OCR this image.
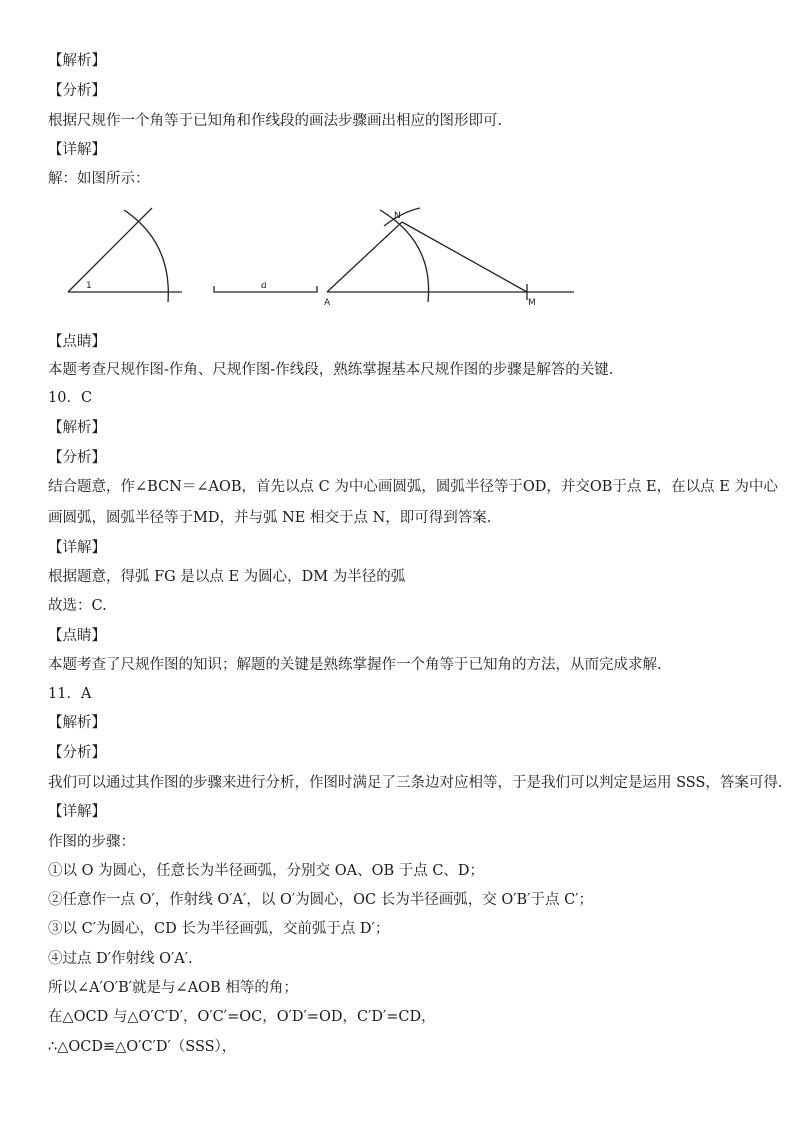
【解析】
【分析】
根据尺规作一个角等于已知角和作线段的画法步骤画出相应的图形即可.
【详解】
解：如图所示：
1	a
A	M
N
【点睛】
本题考查尺规作图-作角、尺规作图-作线段，熟练掌握基本尺规作图的步骤是解答的关键.
10．C
【解析】
【分析】
结合题意，作∠BCN＝∠AOB，首先以点 C 为中心画圆弧，圆弧半径等于OD，并交OB于点 E，在以点 E 为中心
画圆弧，圆弧半径等于MD，并与弧 NE 相交于点 N，即可得到答案.
【详解】
根据题意，得弧 FG 是以点 E 为圆心，DM 为半径的弧
故选：C.
【点睛】
本题考查了尺规作图的知识；解题的关键是熟练掌握作一个角等于已知角的方法，从而完成求解.
11．A
【解析】
【分析】
我们可以通过其作图的步骤来进行分析，作图时满足了三条边对应相等，于是我们可以判定是运用 SSS，答案可得.
【详解】
作图的步骤：
①以 O 为圆心，任意长为半径画弧，分别交 OA、OB 于点 C、D；
②任意作一点 O′，作射线 O′A′，以 O′为圆心，OC 长为半径画弧，交 O′B′于点 C′；
③以 C′为圆心，CD 长为半径画弧，交前弧于点 D′；
④过点 D′作射线 O′A′.
所以∠A′O′B′就是与∠AOB 相等的角；
在△OCD 与△O′C′D′，O′C′=OC，O′D′=OD，C′D′=CD，
∴△OCD≌△O′C′D′（SSS），
